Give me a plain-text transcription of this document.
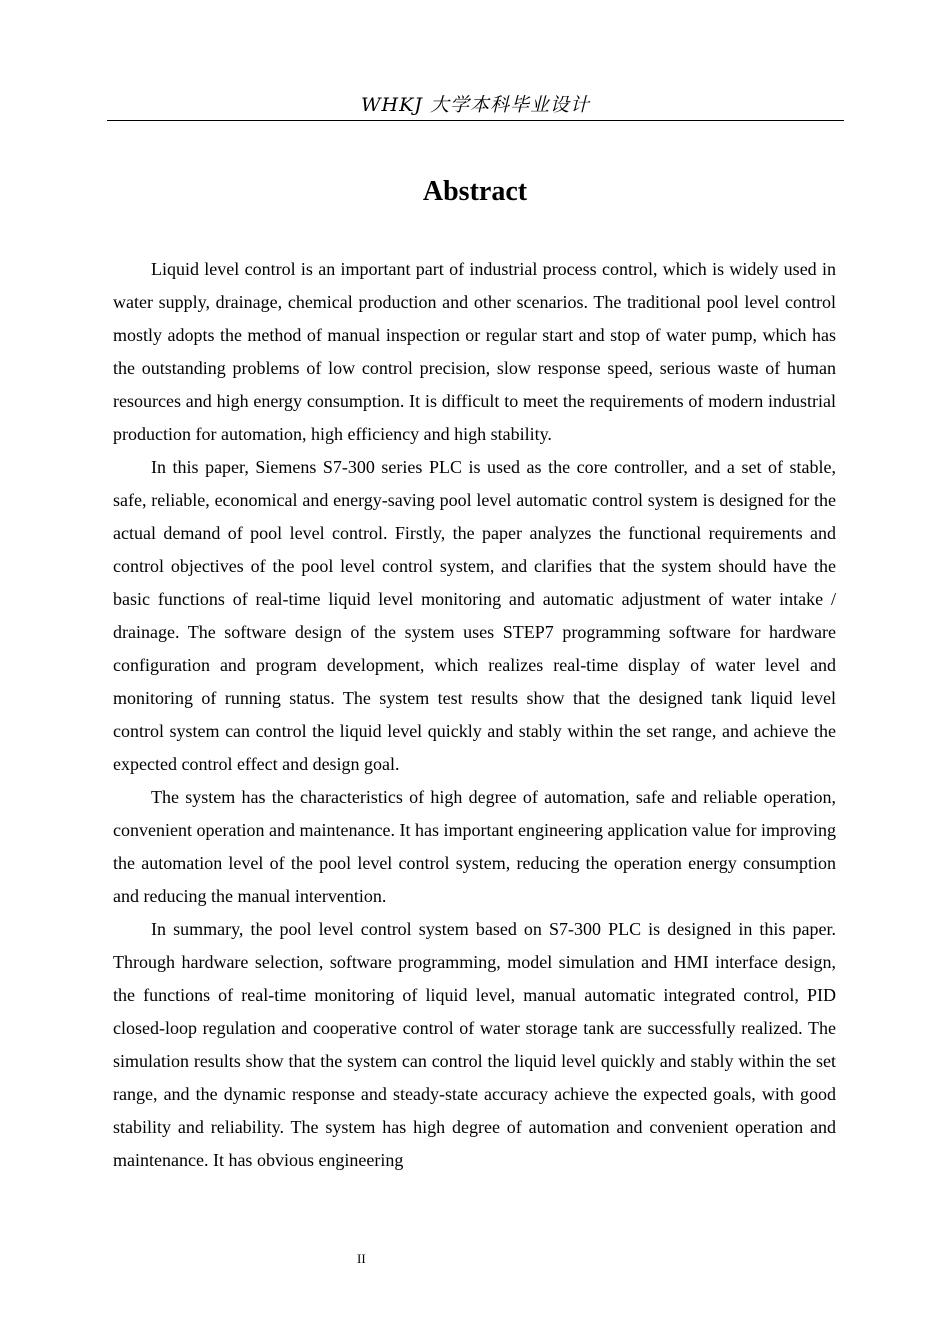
WHKJ 大学本科毕业设计
Abstract

Liquid level control is an important part of industrial process control, which is widely used in water supply, drainage, chemical production and other scenarios. The traditional pool level control mostly adopts the method of manual inspection or regular start and stop of water pump, which has the outstanding problems of low control precision, slow response speed, serious waste of human resources and high energy consumption. It is difficult to meet the requirements of modern industrial production for automation, high efficiency and high stability.

In this paper, Siemens S7-300 series PLC is used as the core controller, and a set of stable, safe, reliable, economical and energy-saving pool level automatic control system is designed for the actual demand of pool level control. Firstly, the paper analyzes the functional requirements and control objectives of the pool level control system, and clarifies that the system should have the basic functions of real-time liquid level monitoring and automatic adjustment of water intake / drainage. The software design of the system uses STEP7 programming software for hardware configuration and program development, which realizes real-time display of water level and monitoring of running status. The system test results show that the designed tank liquid level control system can control the liquid level quickly and stably within the set range, and achieve the expected control effect and design goal.

The system has the characteristics of high degree of automation, safe and reliable operation, convenient operation and maintenance. It has important engineering application value for improving the automation level of the pool level control system, reducing the operation energy consumption and reducing the manual intervention.

In summary, the pool level control system based on S7-300 PLC is designed in this paper. Through hardware selection, software programming, model simulation and HMI interface design, the functions of real-time monitoring of liquid level, manual automatic integrated control, PID closed-loop regulation and cooperative control of water storage tank are successfully realized. The simulation results show that the system can control the liquid level quickly and stably within the set range, and the dynamic response and steady-state accuracy achieve the expected goals, with good stability and reliability. The system has high degree of automation and convenient operation and maintenance. It has obvious engineering

II
